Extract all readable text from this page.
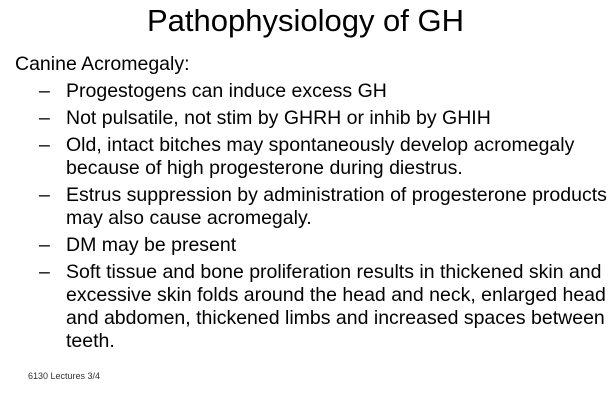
Pathophysiology of GH
Canine Acromegaly:
– Progestogens can induce excess GH
– Not pulsatile, not stim by GHRH or inhib by GHIH
– Old, intact bitches may spontaneously develop acromegaly because of high progesterone during diestrus.
– Estrus suppression by administration of progesterone products may also cause acromegaly.
– DM may be present
– Soft tissue and bone proliferation results in thickened skin and excessive skin folds around the head and neck, enlarged head and abdomen, thickened limbs and increased spaces between teeth.
6130 Lectures 3/4
